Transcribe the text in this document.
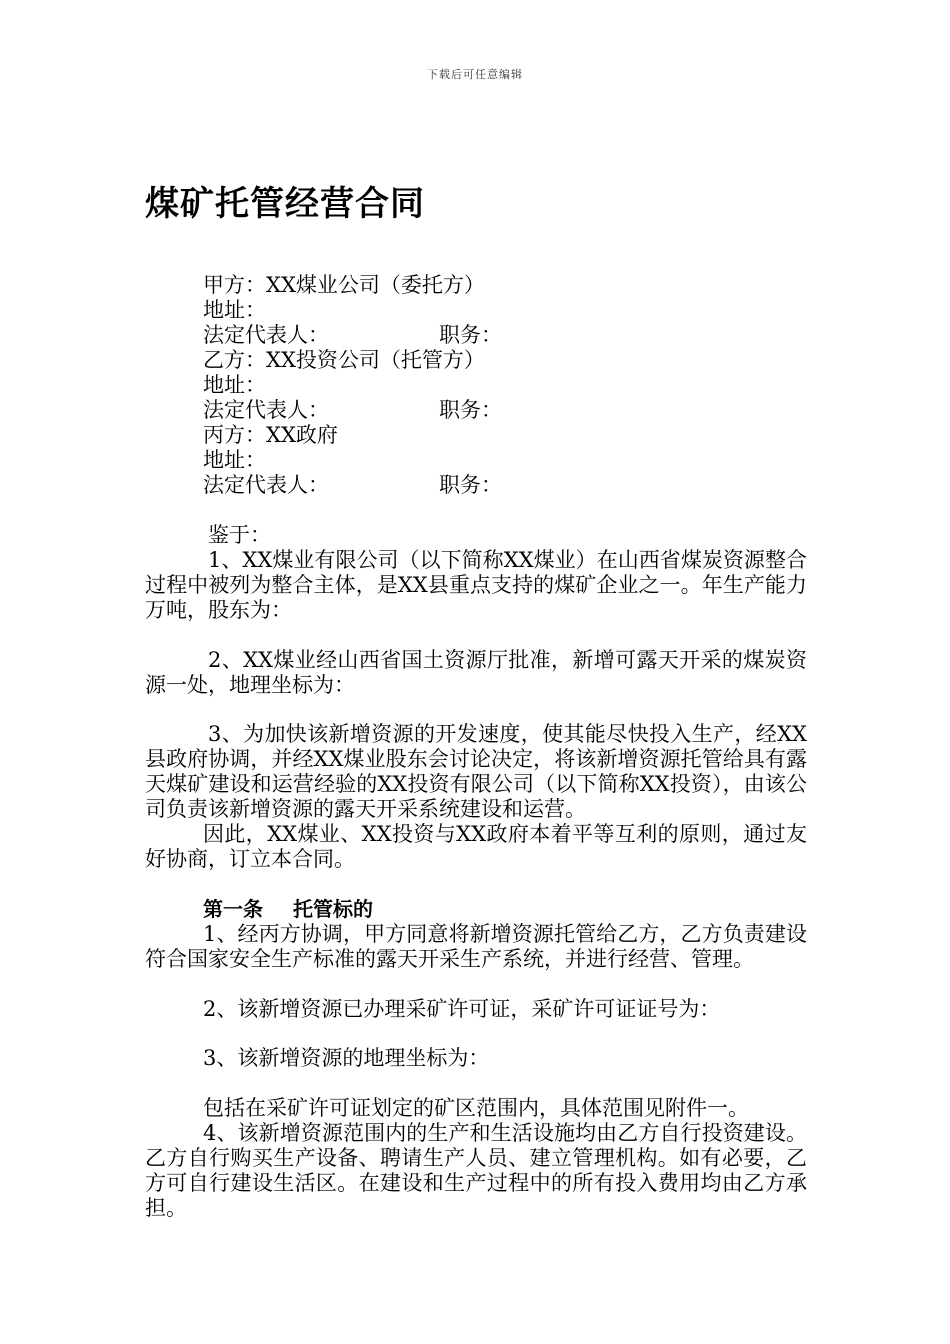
下载后可任意编辑
煤矿托管经营合同
甲方：XX煤业公司（委托方）
地址：
法定代表人：	职务：
乙方：XX投资公司（托管方）
地址：
法定代表人：	职务：
丙方：XX政府
地址：
法定代表人：	职务：

鉴于：

1、XX煤业有限公司（以下简称XX煤业）在山西省煤炭资源整合过程中被列为整合主体，是XX县重点支持的煤矿企业之一。年生产能力　万吨，股东为：

2、XX煤业经山西省国土资源厅批准，新增可露天开采的煤炭资源一处，地理坐标为：

3、为加快该新增资源的开发速度，使其能尽快投入生产，经XX县政府协调，并经XX煤业股东会讨论决定，将该新增资源托管给具有露天煤矿建设和运营经验的XX投资有限公司（以下简称XX投资），由该公司负责该新增资源的露天开采系统建设和运营。

因此，XX煤业、XX投资与XX政府本着平等互利的原则，通过友好协商，订立本合同。

第一条 托管标的

1、经丙方协调，甲方同意将新增资源托管给乙方，乙方负责建设符合国家安全生产标准的露天开采生产系统，并进行经营、管理。

2、该新增资源已办理采矿许可证，采矿许可证证号为：

3、该新增资源的地理坐标为：

包括在采矿许可证划定的矿区范围内，具体范围见附件一。

4、该新增资源范围内的生产和生活设施均由乙方自行投资建设。乙方自行购买生产设备、聘请生产人员、建立管理机构。如有必要，乙方可自行建设生活区。在建设和生产过程中的所有投入费用均由乙方承担。
